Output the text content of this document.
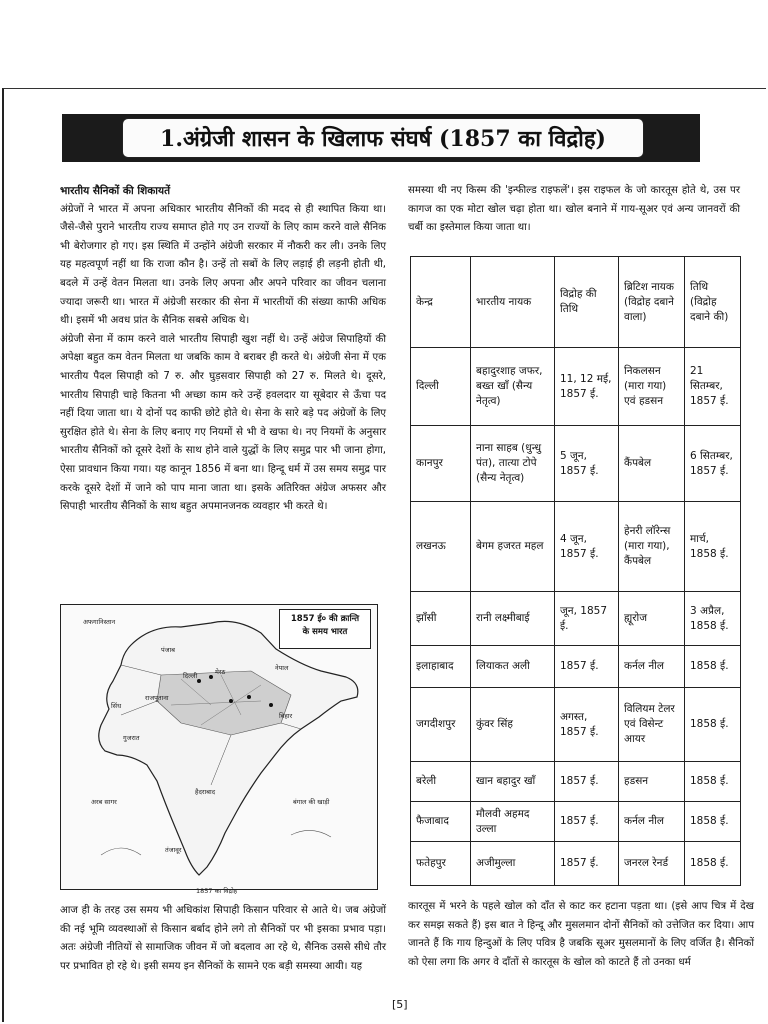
1.अंग्रेजी शासन के खिलाफ संघर्ष (1857 का विद्रोह)

भारतीय सैनिकों की शिकायतें

अंग्रेजों ने भारत में अपना अधिकार भारतीय सैनिकों की मदद से ही स्थापित किया था। जैसे-जैसे पुराने भारतीय राज्य समाप्त होते गए उन राज्यों के लिए काम करने वाले सैनिक भी बेरोजगार हो गए। इस स्थिति में उन्होंने अंग्रेजी सरकार में नौकरी कर ली। उनके लिए यह महत्वपूर्ण नहीं था कि राजा कौन है। उन्हें तो सबों के लिए लड़ाई ही लड़नी होती थी, बदले में उन्हें वेतन मिलता था। उनके लिए अपना और अपने परिवार का जीवन चलाना ज्यादा जरूरी था। भारत में अंग्रेजी सरकार की सेना में भारतीयों की संख्या काफी अधिक थी। इसमें भी अवध प्रांत के सैनिक सबसे अधिक थे।

अंग्रेजी सेना में काम करने वाले भारतीय सिपाही खुश नहीं थे। उन्हें अंग्रेज सिपाहियों की अपेक्षा बहुत कम वेतन मिलता था जबकि काम वे बराबर ही करते थे। अंग्रेजी सेना में एक भारतीय पैदल सिपाही को 7 रु. और घुड़सवार सिपाही को 27 रु. मिलते थे। दूसरे, भारतीय सिपाही चाहे कितना भी अच्छा काम करे उन्हें हवलदार या सूबेदार से ऊँचा पद नहीं दिया जाता था। ये दोनों पद काफी छोटे होते थे। सेना के सारे बड़े पद अंग्रेजों के लिए सुरक्षित होते थे। सेना के लिए बनाए गए नियमों से भी वे खफा थे। नए नियमों के अनुसार भारतीय सैनिकों को दूसरे देशों के साथ होने वाले युद्धों के लिए समुद्र पार भी जाना होगा, ऐसा प्रावधान किया गया। यह कानून 1856 में बना था। हिन्दू धर्म में उस समय समुद्र पार करके दूसरे देशों में जाने को पाप माना जाता था। इसके अतिरिक्त अंग्रेज अफसर और सिपाही भारतीय सैनिकों के साथ बहुत अपमानजनक व्यवहार भी करते थे।

समस्या थी नए किस्म की 'इन्फील्ड राइफलें'। इस राइफल के जो कारतूस होते थे, उस पर कागज का एक मोटा खोल चढ़ा होता था। खोल बनाने में गाय-सूअर एवं अन्य जानवरों की चर्बी का इस्तेमाल किया जाता था।

केन्द्र	भारतीय नायक	विद्रोह की तिथि	ब्रिटिश नायक (विद्रोह दबाने वाला)	तिथि (विद्रोह दबाने की)
दिल्ली	बहादुरशाह जफर, बख्त खाँ (सैन्य नेतृत्व)	11, 12 मई, 1857 ई.	निकलसन (मारा गया) एवं हडसन	21 सितम्बर, 1857 ई.
कानपुर	नाना साहब (धुन्धु पंत), तात्या टोपे (सैन्य नेतृत्व)	5 जून, 1857 ई.	कैंपबेल	6 सितम्बर, 1857 ई.
लखनऊ	बेगम हजरत महल	4 जून, 1857 ई.	हेनरी लॉरेन्स (मारा गया), कैंपबेल	मार्च, 1858 ई.
झाँसी	रानी लक्ष्मीबाई	जून, 1857 ई.	ह्यूरोज	3 अप्रैल, 1858 ई.
इलाहाबाद	लियाकत अली	1857 ई.	कर्नल नील	1858 ई.
जगदीशपुर	कुंवर सिंह	अगस्त, 1857 ई.	विलियम टेलर एवं विसेन्ट आयर	1858 ई.
बरेली	खान बहादुर खाँ	1857 ई.	हडसन	1858 ई.
फैजाबाद	मौलवी अहमद उल्ला	1857 ई.	कर्नल नील	1858 ई.
फतेहपुर	अजीमुल्ला	1857 ई.	जनरल रेनर्ड	1858 ई.
1857 ई० की क्रान्ति
के समय भारत
अफगानिस्तान
पंजाब
दिल्ली	मेरठ	नेपाल
सिंध
राजपूताना
बिहार
गुजरात
अरब सागर	बंगाल की खाड़ी
हैदराबाद
तंजावूर
1857 का विद्रोह

आज ही के तरह उस समय भी अधिकांश सिपाही किसान परिवार से आते थे। जब अंग्रेजों की नई भूमि व्यवस्थाओं से किसान बर्बाद होने लगे तो सैनिकों पर भी इसका प्रभाव पड़ा। अतः अंग्रेजी नीतियों से सामाजिक जीवन में जो बदलाव आ रहे थे, सैनिक उससे सीधे तौर पर प्रभावित हो रहे थे। इसी समय इन सैनिकों के सामने एक बड़ी समस्या आयी। यह

कारतूस में भरने के पहले खोल को दाँत से काट कर हटाना पड़ता था। (इसे आप चित्र में देख कर समझ सकते हैं) इस बात ने हिन्दू और मुसलमान दोनों सैनिकों को उत्तेजित कर दिया। आप जानते हैं कि गाय हिन्दुओं के लिए पवित्र है जबकि सूअर मुसलमानों के लिए वर्जित है। सैनिकों को ऐसा लगा कि अगर वे दाँतों से कारतूस के खोल को काटते हैं तो उनका धर्म

[5]
